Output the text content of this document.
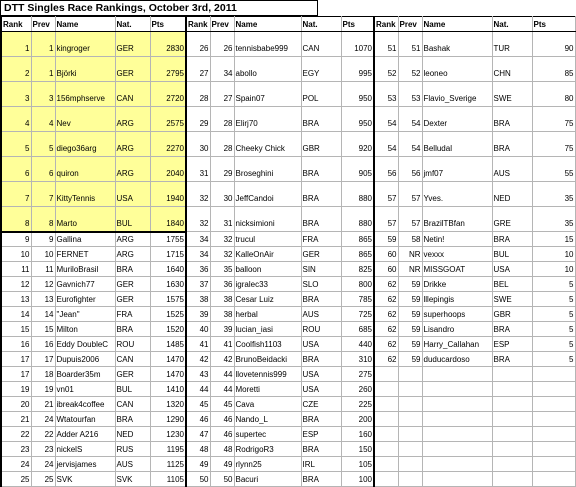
DTT Singles Race Rankings, October 3rd, 2011
Rank	Prev	Name	Nat.	Pts	Rank	Prev	Name	Nat.	Pts	Rank	Prev	Name	Nat.	Pts
1	1	kingroger	GER	2830	26	26	tennisbabe999	CAN	1070	51	51	Bashak	TUR	90
2	1	Björki	GER	2795	27	34	abollo	EGY	995	52	52	leoneo	CHN	85
3	3	156mphserve	CAN	2720	28	27	Spain07	POL	950	53	53	Flavio_Sverige	SWE	80
4	4	Nev	ARG	2575	29	28	Elirj70	BRA	950	54	54	Dexter	BRA	75
5	5	diego36arg	ARG	2270	30	28	Cheeky Chick	GBR	920	54	54	Belludal	BRA	75
6	6	quiron	ARG	2040	31	29	Broseghini	BRA	905	56	56	jmf07	AUS	55
7	7	KittyTennis	USA	1940	32	30	JeffCandoi	BRA	880	57	57	Yves.	NED	35
8	8	Marto	BUL	1840	32	31	nicksimioni	BRA	880	57	57	BrazilTBfan	GRE	35
9	9	Gallina	ARG	1755	34	32	trucul	FRA	865	59	58	Netin!	BRA	15
10	10	FERNET	ARG	1715	34	32	KalleOnAir	GER	865	60	NR	vexxx	BUL	10
11	11	MuriloBrasil	BRA	1640	36	35	balloon	SIN	825	60	NR	MISSGOAT	USA	10
12	12	Gavnich77	GER	1630	37	36	igralec33	SLO	800	62	59	Drikke	BEL	5
13	13	Eurofighter	GER	1575	38	38	Cesar Luiz	BRA	785	62	59	lllepingis	SWE	5
14	14	"Jean"	FRA	1525	39	38	herbal	AUS	725	62	59	superhoops	GBR	5
15	15	Milton	BRA	1520	40	39	lucian_iasi	ROU	685	62	59	Lisandro	BRA	5
16	16	Eddy DoubleC	ROU	1485	41	41	Coolfish1103	USA	440	62	59	Harry_Callahan	ESP	5
17	17	Dupuis2006	CAN	1470	42	42	BrunoBeidacki	BRA	310	62	59	duducardoso	BRA	5
17	18	Boarder35m	GER	1470	43	44	llovetennis999	USA	275					
19	19	vn01	BUL	1410	44	44	Moretti	USA	260					
20	21	ibreak4coffee	CAN	1320	45	45	Cava	CZE	225					
21	24	Wtatourfan	BRA	1290	46	46	Nando_L	BRA	200					
22	22	Adder A216	NED	1230	47	46	supertec	ESP	160					
23	23	nickelS	RUS	1195	48	48	RodrigoR3	BRA	150					
24	24	jervisjames	AUS	1125	49	49	rlynn25	IRL	105					
25	25	SVK	SVK	1105	50	50	Bacuri	BRA	100					
